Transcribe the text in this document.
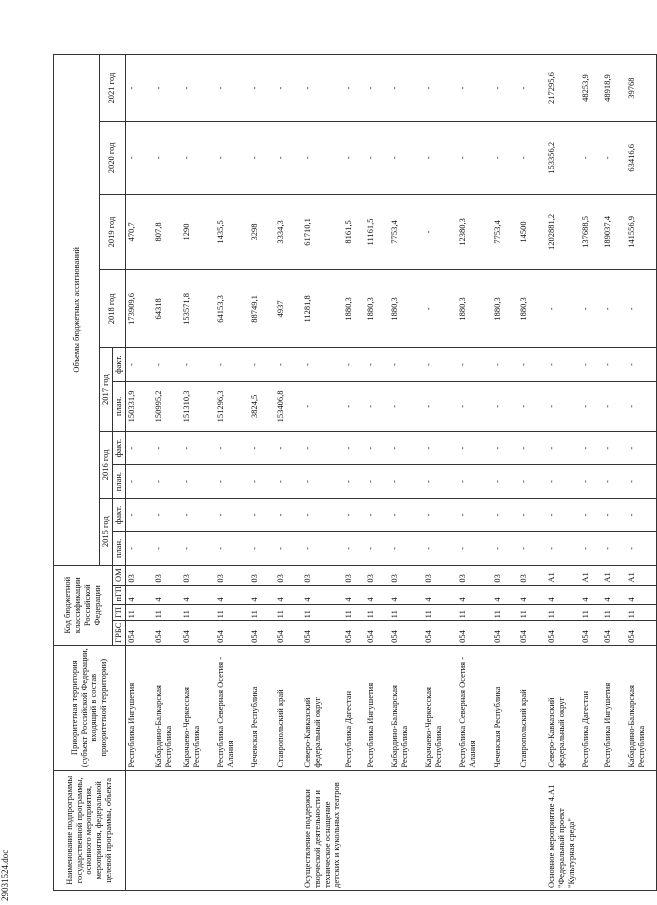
Наименование подпрограммы государственной программы, основного мероприятия, мероприятия, федеральной целевой программы, объекта	Приоритетная территория (субъект Российской Федерации, входящий в состав приоритетной территории)	Код бюджетной классификации Российской Федерации				Объемы бюджетных ассигнований									
						2015 год		2016 год		2017 год		2018 год	2019 год	2020 год	2021 год
		ГРБС	ГП	пГП	ОМ	план.	факт.	план.	факт.	план.	факт.				

	Республика Ингушетия	054	11	4	03	-	-	-	-	150331,9	-	173909,6	470,7	-	-
	Кабардино-Балкарская Республика	054	11	4	03	-	-	-	-	150995,2	-	64318	807,8	-	-
	Карачаево-Черкесская Республика	054	11	4	03	-	-	-	-	151310,3	-	153571,8	1290	-	-
	Республика Северная Осетия - Алания	054	11	4	03	-	-	-	-	151296,3	-	64153,3	1435,5	-	-
	Чеченская Республика	054	11	4	03	-	-	-	-	3824,5	-	88749,1	3298	-	-
	Ставропольский край	054	11	4	03	-	-	-	-	153406,8	-	4937	3334,3	-	-
Осуществление поддержки творческой деятельности и техническое оснащение детских и кукольных театров	Северо-Кавказский федеральный округ	054	11	4	03	-	-	-	-	-	-	11281,8	61710,1	-	-
	Республика Дагестан	054	11	4	03	-	-	-	-	-	-	1880,3	8161,5	-	-
	Республика Ингушетия	054	11	4	03	-	-	-	-	-	-	1880,3	11161,5	-	-
	Кабардино-Балкарская Республика	054	11	4	03	-	-	-	-	-	-	1880,3	7753,4	-	-
	Карачаево-Черкесская Республика	054	11	4	03	-	-	-	-	-	-	-	-	-	-
	Республика Северная Осетия - Алания	054	11	4	03	-	-	-	-	-	-	1880,3	12380,3	-	-
	Чеченская Республика	054	11	4	03	-	-	-	-	-	-	1880,3	7753,4	-	-
	Ставропольский край	054	11	4	03	-	-	-	-	-	-	1880,3	14500	-	-
Основное мероприятие 4.А1 "Федеральный проект "Культурная среда"	Северо-Кавказский федеральный округ	054	11	4	А1	-	-	-	-	-	-	-	1202881,2	153356,2	217295,6
	Республика Дагестан	054	11	4	А1	-	-	-	-	-	-	-	137688,5	-	48253,9
	Республика Ингушетия	054	11	4	А1	-	-	-	-	-	-	-	189037,4	-	48918,9
	Кабардино-Балкарская Республика	054	11	4	А1	-	-	-	-	-	-	-	141556,9	63416,6	39768
29031524.doc
